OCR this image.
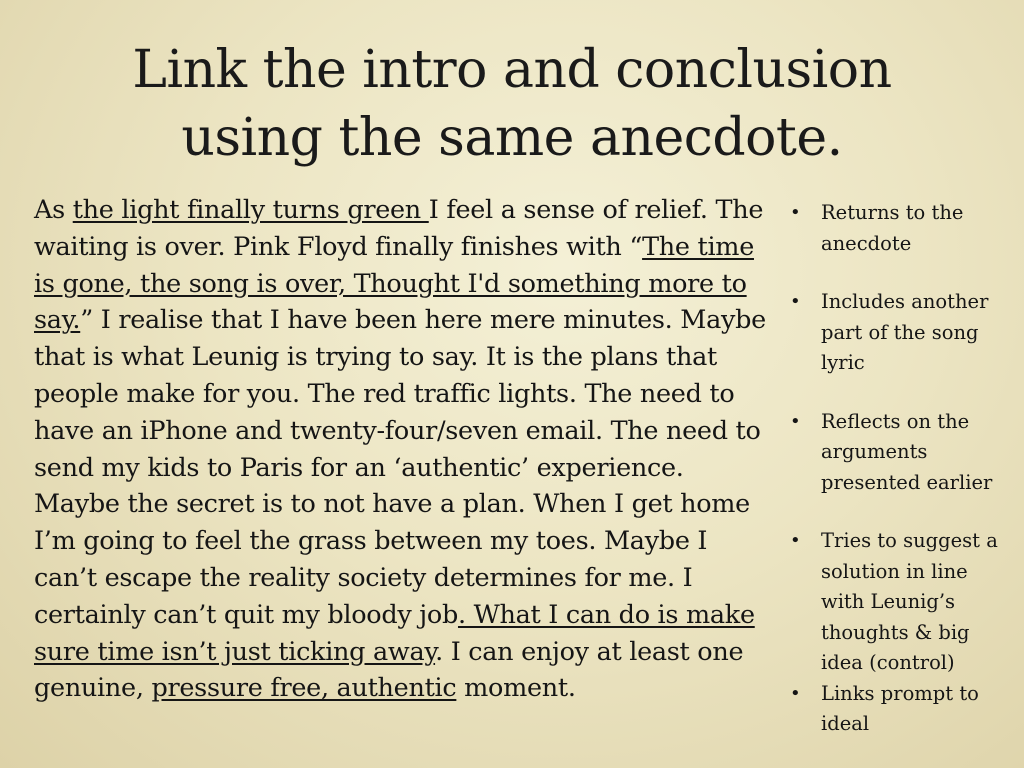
Link the intro and conclusion
using the same anecdote.
As the light finally turns green I feel a sense of relief. The waiting is over. Pink Floyd finally finishes with “The time is gone, the song is over, Thought I'd something more to say.” I realise that I have been here mere minutes. Maybe that is what Leunig is trying to say. It is the plans that people make for you. The red traffic lights. The need to have an iPhone and twenty-four/seven email. The need to send my kids to Paris for an ‘authentic’ experience. Maybe the secret is to not have a plan. When I get home I’m going to feel the grass between my toes. Maybe I can’t escape the reality society determines for me. I certainly can’t quit my bloody job. What I can do is make sure time isn’t just ticking away. I can enjoy at least one genuine, pressure free, authentic moment.
• Returns to the anecdote
• Includes another part of the song lyric
• Reflects on the arguments presented earlier
• Tries to suggest a solution in line with Leunig’s thoughts & big idea (control)
• Links prompt to ideal
